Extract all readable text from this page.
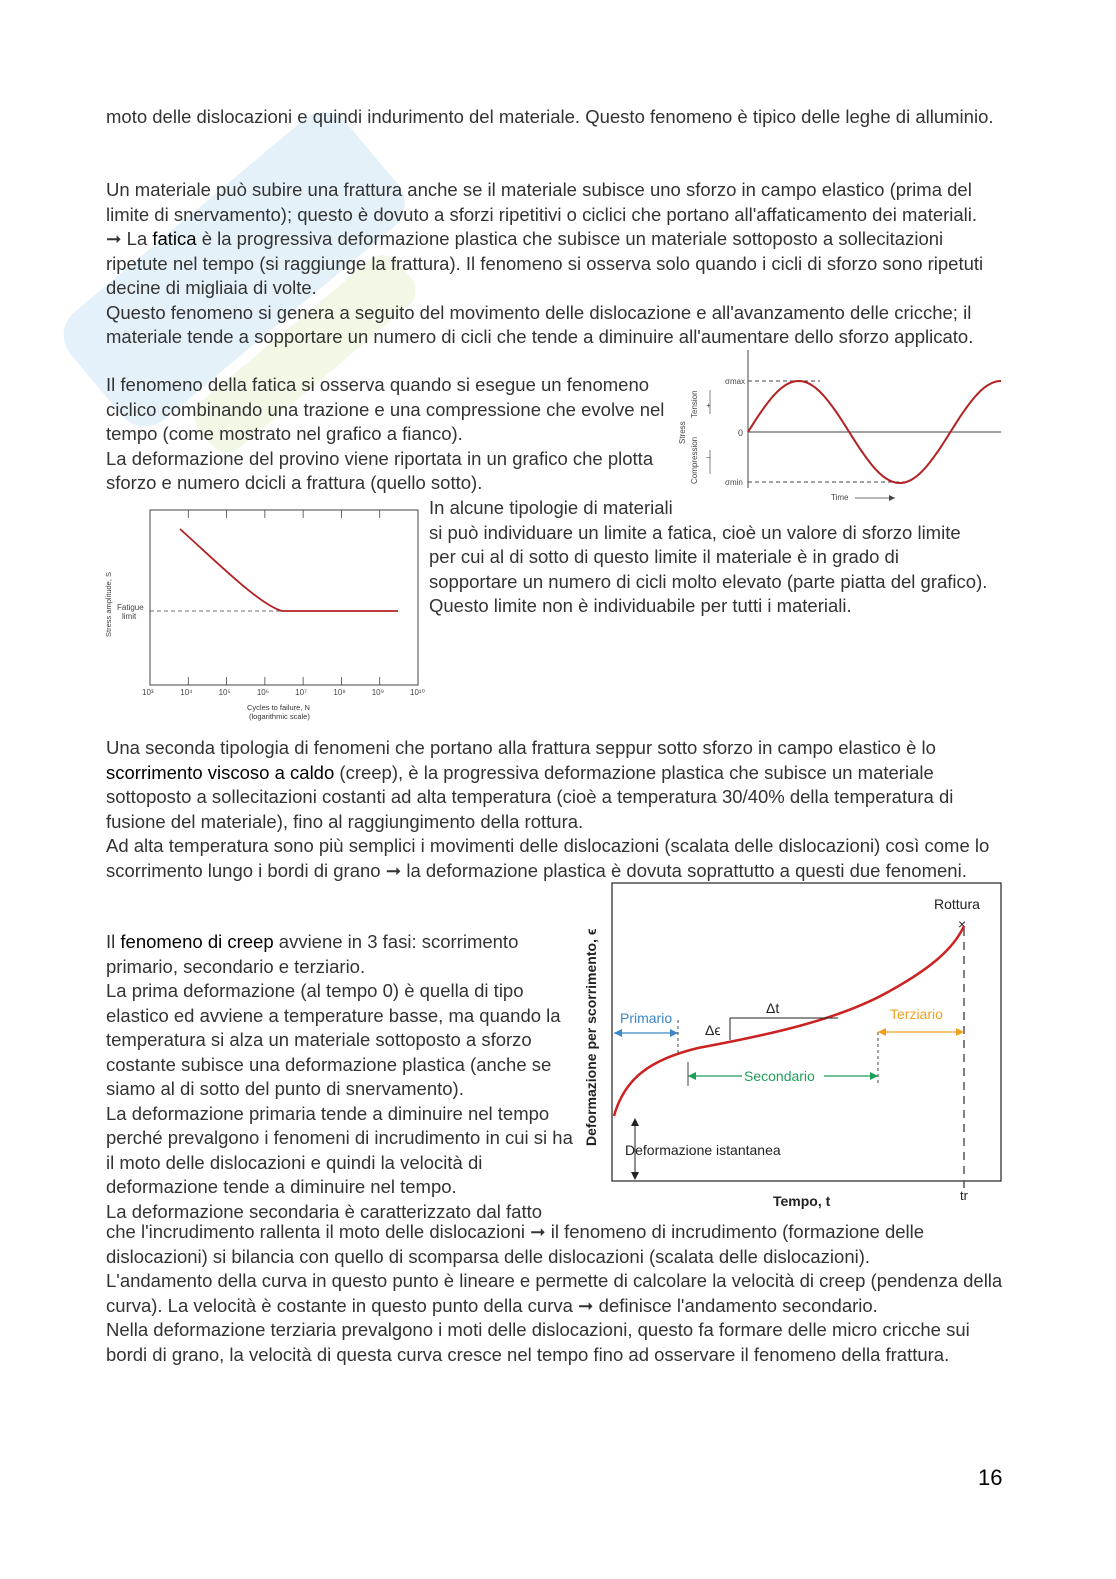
moto delle dislocazioni e quindi indurimento del materiale. Questo fenomeno è tipico delle leghe di alluminio.

Un materiale può subire una frattura anche se il materiale subisce uno sforzo in campo elastico (prima del limite di snervamento); questo è dovuto a sforzi ripetitivi o ciclici che portano all'affaticamento dei materiali.
➞ La fatica è la progressiva deformazione plastica che subisce un materiale sottoposto a sollecitazioni ripetute nel tempo (si raggiunge la frattura). Il fenomeno si osserva solo quando i cicli di sforzo sono ripetuti decine di migliaia di volte.
Questo fenomeno si genera a seguito del movimento delle dislocazione e all'avanzamento delle cricche; il materiale tende a sopportare un numero di cicli che tende a diminuire all'aumentare dello sforzo applicato.

Il fenomeno della fatica si osserva quando si esegue un fenomeno ciclico combinando una trazione e una compressione che evolve nel tempo (come mostrato nel grafico a fianco).
La deformazione del provino viene riportata in un grafico che plotta sforzo e numero dcicli a frattura (quello sotto).

σmax
0
σmin
Tension
Compression
Stress
+
–
Time

In alcune tipologie di materiali
si può individuare un limite a fatica, cioè un valore di sforzo limite per cui al di sotto di questo limite il materiale è in grado di sopportare un numero di cicli molto elevato (parte piatta del grafico).
Questo limite non è individuabile per tutti i materiali.

Fatigue
limit
Stress amplitude, S
10³	10⁴	10⁵	10⁶	10⁷	10⁸	10⁹	10¹⁰
Cycles to failure, N
(logarithmic scale)

Una seconda tipologia di fenomeni che portano alla frattura seppur sotto sforzo in campo elastico è lo scorrimento viscoso a caldo (creep), è la progressiva deformazione plastica che subisce un materiale sottoposto a sollecitazioni costanti ad alta temperatura (cioè a temperatura 30/40% della temperatura di fusione del materiale), fino al raggiungimento della rottura.
Ad alta temperatura sono più semplici i movimenti delle dislocazioni (scalata delle dislocazioni) così come lo scorrimento lungo i bordi di grano ➞ la deformazione plastica è dovuta soprattutto a questi due fenomeni.

Il fenomeno di creep avviene in 3 fasi: scorrimento primario, secondario e terziario.
La prima deformazione (al tempo 0) è quella di tipo elastico ed avviene a temperature basse, ma quando la temperatura si alza un materiale sottoposto a sforzo costante subisce una deformazione plastica (anche se siamo al di sotto del punto di snervamento).
La deformazione primaria tende a diminuire nel tempo perché prevalgono i fenomeni di incrudimento in cui si ha il moto delle dislocazioni e quindi la velocità di deformazione tende a diminuire nel tempo.
La deformazione secondaria è caratterizzato dal fatto

Rottura
×
Primario
Secondario
Δt
Δϵ
Terziario
Deformazione istantanea
Deformazione per scorrimento, ϵ
Tempo, t	tr

che l'incrudimento rallenta il moto delle dislocazioni ➞ il fenomeno di incrudimento (formazione delle dislocazioni) si bilancia con quello di scomparsa delle dislocazioni (scalata delle dislocazioni).
L'andamento della curva in questo punto è lineare e permette di calcolare la velocità di creep (pendenza della curva). La velocità è costante in questo punto della curva ➞ definisce l'andamento secondario.
Nella deformazione terziaria prevalgono i moti delle dislocazioni, questo fa formare delle micro cricche sui bordi di grano, la velocità di questa curva cresce nel tempo fino ad osservare il fenomeno della frattura.

16
